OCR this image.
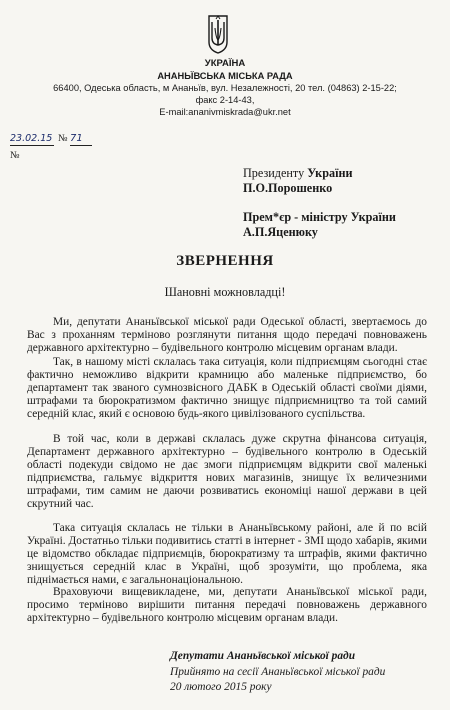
УКРАЇНА
АНАНЬЇВСЬКА МІСЬКА РАДА
66400, Одеська область, м Ананьїв, вул. Незалежності, 20 тел. (04863) 2-15-22;
факс 2-14-43,
E-mail:ananivmiskrada@ukr.net
23.02.15 № 71
№
Президенту України
П.О.Порошенко
Прем*єр - міністру України
А.П.Яценюку
ЗВЕРНЕННЯ
Шановні можновладці!

Ми, депутати Ананьївської міської ради Одеської області, звертаємось до Вас з проханням терміново розглянути питання щодо передачі повноважень державного архітектурно – будівельного контролю місцевим органам влади.

Так, в нашому місті склалась така ситуація, коли підприємцям сьогодні стає фактично неможливо відкрити крамницю або маленьке підприємство, бо департамент так званого сумнозвісного ДАБК в Одеській області своїми діями, штрафами та бюрократизмом фактично знищує підприємництво та той самий середній клас, який є основою будь-якого цивілізованого суспільства.

В той час, коли в державі склалась дуже скрутна фінансова ситуація, Департамент державного архітектурно – будівельного контролю в Одеській області подекуди свідомо не дає змоги підприємцям відкрити свої маленькі підприємства, гальмує відкриття нових магазинів, знищує їх величезними штрафами, тим самим не даючи розвиватись економіці нашої держави в цей скрутний час.

Така ситуація склалась не тільки в Ананьївському районі, але й по всій Україні. Достатньо тільки подивитись статті в інтернет - ЗМІ щодо хабарів, якими це відомство обкладає підприємців, бюрократизму та штрафів, якими фактично знищується середній клас в Україні, щоб зрозуміти, що проблема, яка піднімається нами, є загальнонаціональною.

Враховуючи вищевикладене, ми, депутати Ананьївської міської ради, просимо терміново вирішити питання передачі повноважень державного архітектурно – будівельного контролю місцевим органам влади.

Депутати Ананьївської міської ради
Прийнято на сесії Ананьївської міської ради
20 лютого 2015 року
